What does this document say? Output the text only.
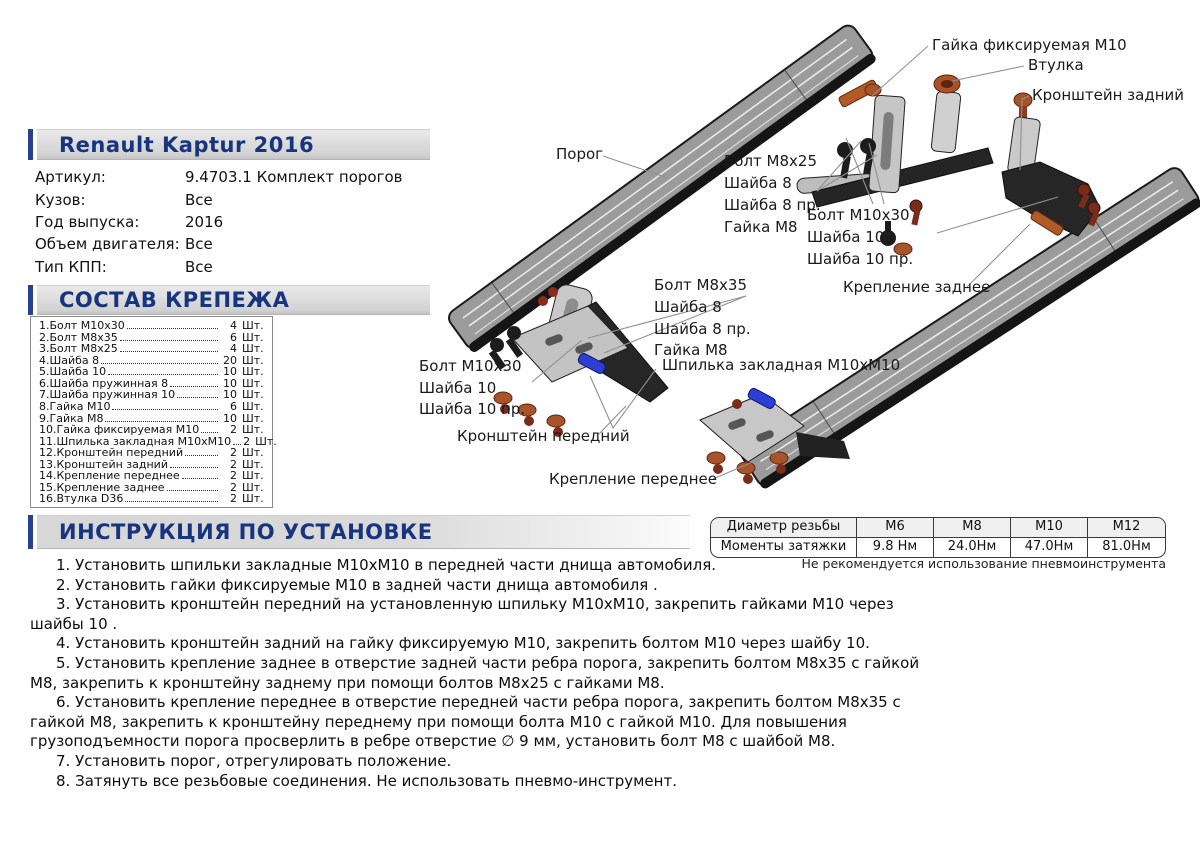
Порог
Гайка фиксируемая М10
Втулка
Кронштейн задний
Болт М8х25
Шайба 8
Шайба 8 пр.
Гайка М8
Болт М10х30
Шайба 10
Шайба 10 пр.
Крепление заднее
Болт М8х35
Шайба 8
Шайба 8 пр.
Гайка М8
Шпилька закладная М10хМ10
Болт М10х30
Шайба 10
Шайба 10 пр.
Кронштейн передний
Крепление переднее
Renault Kaptur 2016
Артикул:	9.4703.1 Комплект порогов
Кузов:	Все
Год выпуска:	2016
Объем двигателя: Все
Тип КПП:	Все
СОСТАВ КРЕПЕЖА
1.Болт М10х30	4 Шт.
2.Болт М8х35	6 Шт.
3.Болт М8х25	4 Шт.
4.Шайба 8	20 Шт.
5.Шайба 10	10 Шт.
6.Шайба пружинная 8	10 Шт.
7.Шайба пружинная 10	10 Шт.
8.Гайка М10	6 Шт.
9.Гайка М8	10 Шт.
10.Гайка фиксируемая М10	2 Шт.
11.Шпилька закладная М10хМ10 2 Шт.
12.Кронштейн передний	2 Шт.
13.Кронштейн задний	2 Шт.
14.Крепление переднее	2 Шт.
15.Крепление заднее	2 Шт.
16.Втулка D36	2 Шт.
Диаметр резьбы	М6	М8	М10	М12
Моменты затяжки	9.8 Нм	24.0Нм	47.0Нм	81.0Нм
Не рекомендуется использование пневмоинструмента
ИНСТРУКЦИЯ ПО УСТАНОВКЕ

1. Установить шпильки закладные М10хМ10 в передней части днища автомобиля.

2. Установить гайки фиксируемые М10 в задней части днища автомобиля .

3. Установить кронштейн передний на установленную шпильку М10хМ10, закрепить гайками М10 через шайбы 10 .

4. Установить кронштейн задний на гайку фиксируемую М10, закрепить болтом М10 через шайбу 10.

5. Установить крепление заднее в отверстие задней части ребра порога, закрепить болтом М8х35 с гайкой М8, закрепить к кронштейну заднему при помощи болтов М8х25 с гайками М8.

6. Установить крепление переднее в отверстие передней части ребра порога, закрепить болтом М8х35 с гайкой М8, закрепить к кронштейну переднему при помощи болта М10 с гайкой М10. Для повышения грузоподъемности порога просверлить в ребре отверстие ∅ 9 мм, установить болт М8 с шайбой М8.

7. Установить порог, отрегулировать положение.

8. Затянуть все резьбовые соединения. Не использовать пневмо-инструмент.
